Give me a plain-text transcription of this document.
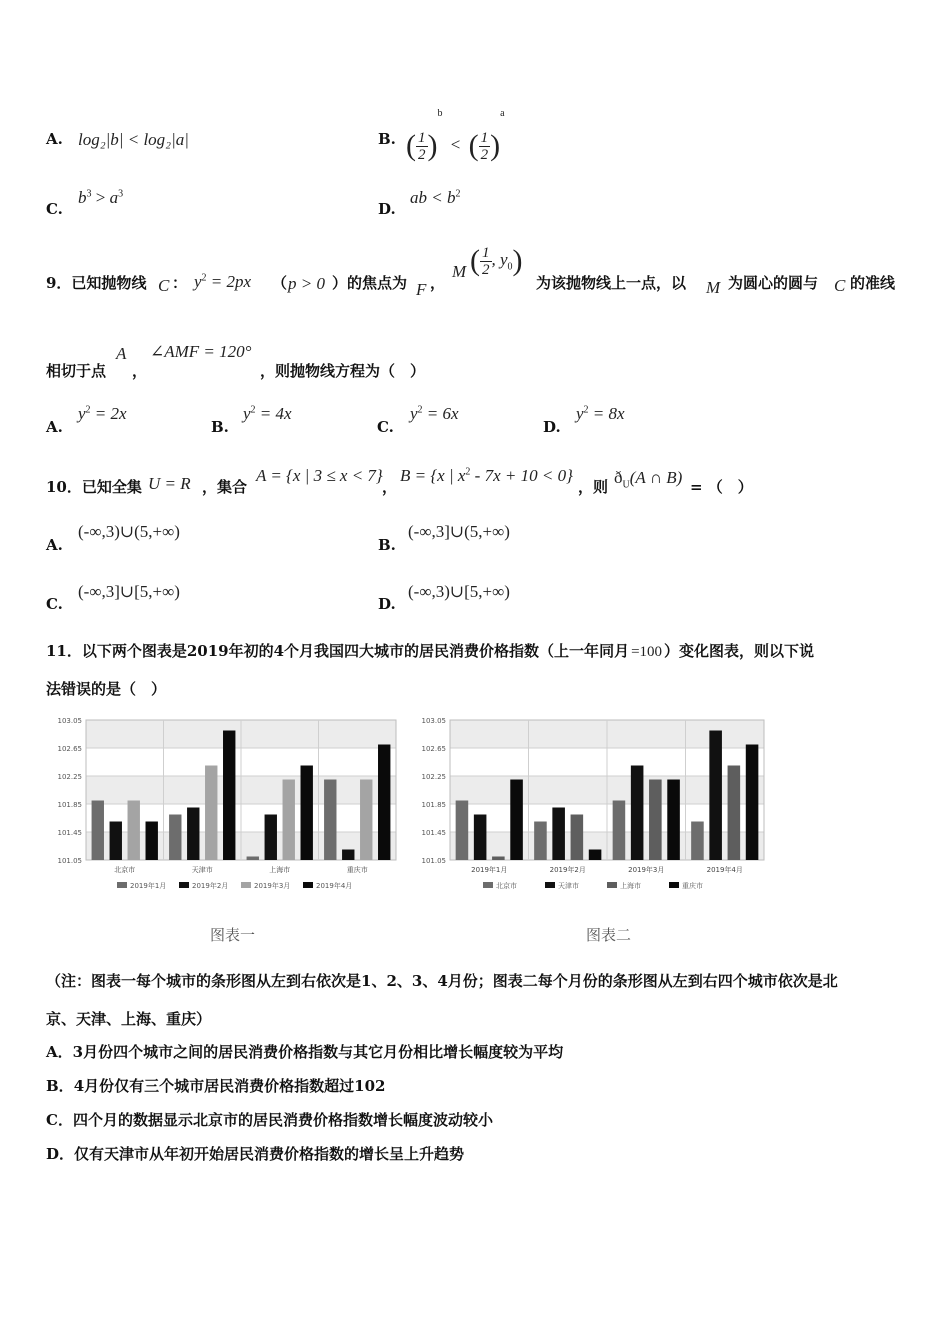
A. log₂|b| < log₂|a|	B. ( $\frac{1}{2} )^b$ < ( $\frac{1}{2} )^a$
C.
$b^3 > a^3$
D.
ab < $b^2$
9．已知抛物线 C ： $y^2 = 2px$ （ p > 0 ）的焦点为 F ，
M ( $\frac{1}{2}$ , $y_0$)
为该抛物线上一点，以 M 为圆心的圆与 C 的准线
相切于点
A
，
∠AMF = 120°
，则抛物线方程为（　）
A.
$y^2 = 2x$
B.
$y^2 = 4x$
C.
$y^2 = 6x$
D.
$y^2 = 8x$
10．已知全集 U = R ，集合
A = {x | 3 ≤ x < 7}
，
B = {x | $x^2 - 7x + 10 < 0$}
，则 $ð_U(A$ ∩ B) = （　）
A.
(-∞,3)∪(5,+∞)
B.
(-∞,3]∪(5,+∞)
C.
(-∞,3]∪[5,+∞)
D.
(-∞,3)∪[5,+∞)
11．以下两个图表是2019年初的4个月我国四大城市的居民消费价格指数（上一年同月 =100 ）变化图表，则以下说
法错误的是（　）
103.05
102.65
102.25
101.85
101.45
101.05
北京市	天津市	上海市	重庆市
2019年1月	2019年2月	2019年3月	2019年4月
103.05
102.65
102.25
101.85
101.45
101.05
2019年1月	2019年2月	2019年3月	2019年4月
北京市	天津市	上海市	重庆市
图表一	图表二
（注：图表一每个城市的条形图从左到右依次是1、2、3、4月份；图表二每个月份的条形图从左到右四个城市依次是北
京、天津、上海、重庆）
A．3月份四个城市之间的居民消费价格指数与其它月份相比增长幅度较为平均
B．4月份仅有三个城市居民消费价格指数超过102
C．四个月的数据显示北京市的居民消费价格指数增长幅度波动较小
D．仅有天津市从年初开始居民消费价格指数的增长呈上升趋势
